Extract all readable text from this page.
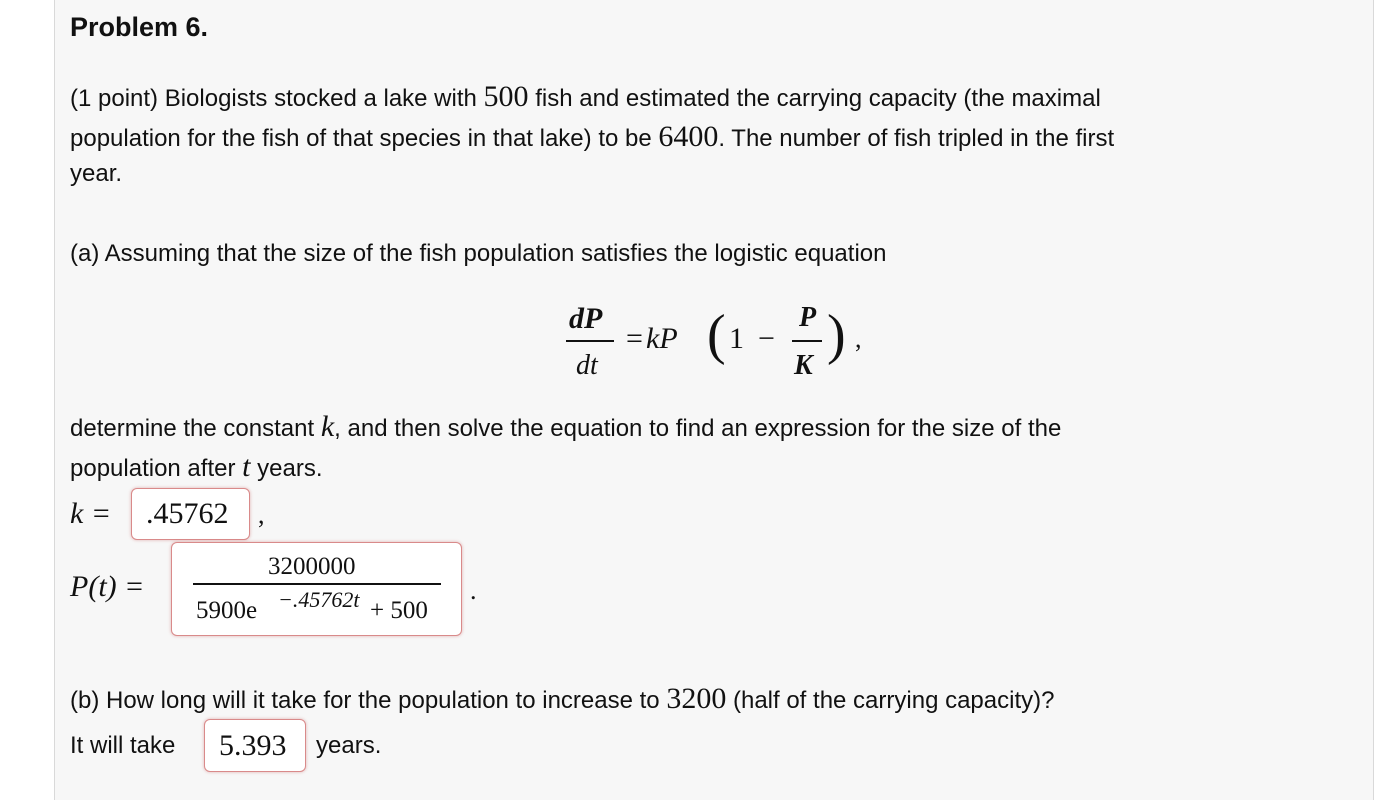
Problem 6.
(1 point) Biologists stocked a lake with 500 fish and estimated the carrying capacity (the maximal
population for the fish of that species in that lake) to be 6400. The number of fish tripled in the first
year.
(a) Assuming that the size of the fish population satisfies the logistic equation
dP
dt
= kP ( 1 −
P
K ) ,
determine the constant k, and then solve the equation to find an expression for the size of the
population after t years.
k = .45762 ,
P(t) =
3200000
5900e −.45762t + 500
.
(b) How long will it take for the population to increase to 3200 (half of the carrying capacity)?
It will take 5.393 years.
